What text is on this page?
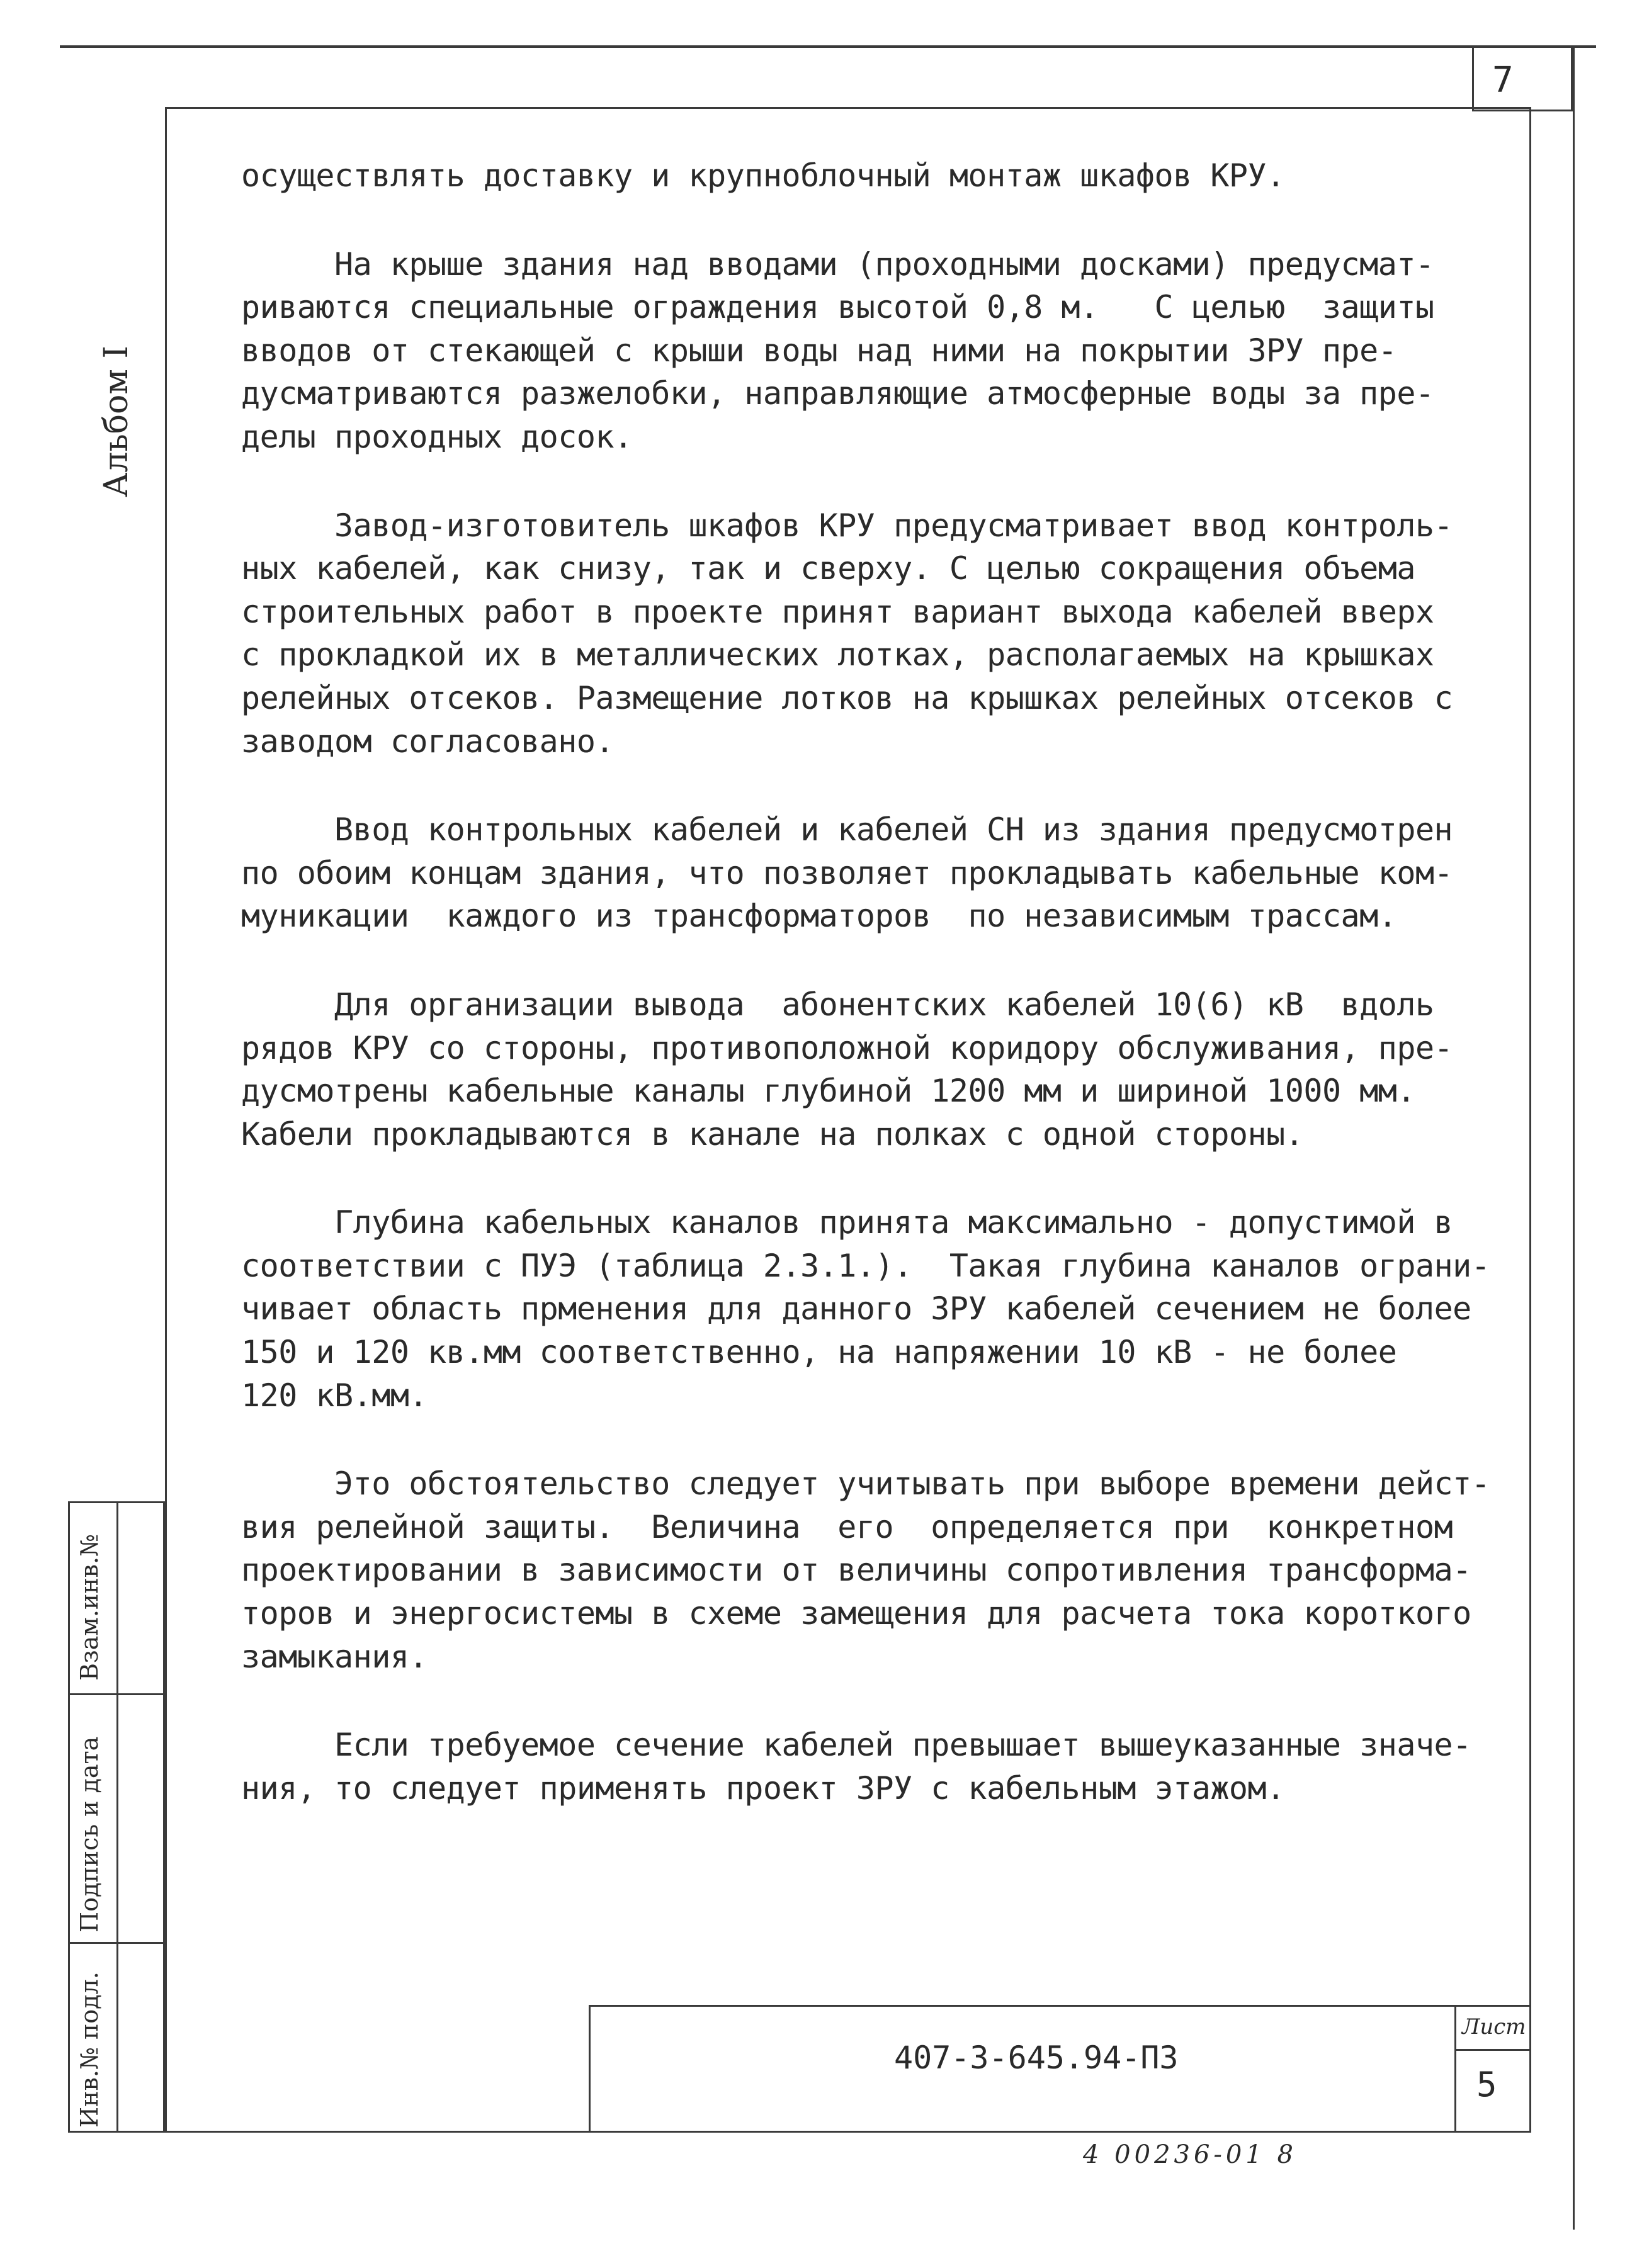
7
Альбом I
Взам.инв.№
Подпись и дата
Инв.№ подл.

осуществлять доставку и крупноблочный монтаж шкафов КРУ.

На крыше здания над вводами (проходными досками) предусмат-
риваются специальные ограждения высотой 0,8 м.   С целью  защиты
вводов от стекающей с крыши воды над ними на покрытии ЗРУ пре-
дусматриваются разжелобки, направляющие атмосферные воды за пре-
делы проходных досок.

Завод-изготовитель шкафов КРУ предусматривает ввод контроль-
ных кабелей, как снизу, так и сверху. С целью сокращения объема
строительных работ в проекте принят вариант выхода кабелей вверх
с прокладкой их в металлических лотках, располагаемых на крышках
релейных отсеков. Размещение лотков на крышках релейных отсеков с
заводом согласовано.

Ввод контрольных кабелей и кабелей СН из здания предусмотрен
по обоим концам здания, что позволяет прокладывать кабельные ком-
муникации  каждого из трансформаторов  по независимым трассам.

Для организации вывода  абонентских кабелей 10(6) кВ  вдоль
рядов КРУ со стороны, противоположной коридору обслуживания, пре-
дусмотрены кабельные каналы глубиной 1200 мм и шириной 1000 мм.
Кабели прокладываются в канале на полках с одной стороны.

Глубина кабельных каналов принята максимально - допустимой в
соответствии с ПУЭ (таблица 2.3.1.).  Такая глубина каналов ограни-
чивает область прменения для данного ЗРУ кабелей сечением не более
150 и 120 кв.мм соответственно, на напряжении 10 кВ - не более
120 кВ.мм.

Это обстоятельство следует учитывать при выборе времени дейст-
вия релейной защиты.  Величина  его  определяется при  конкретном
проектировании в зависимости от величины сопротивления трансформа-
торов и энергосистемы в схеме замещения для расчета тока короткого
замыкания.

Если требуемое сечение кабелей превышает вышеуказанные значе-
ния, то следует применять проект ЗРУ с кабельным этажом.

407-3-645.94-ПЗ
Лист
5
4 00236-01 8
